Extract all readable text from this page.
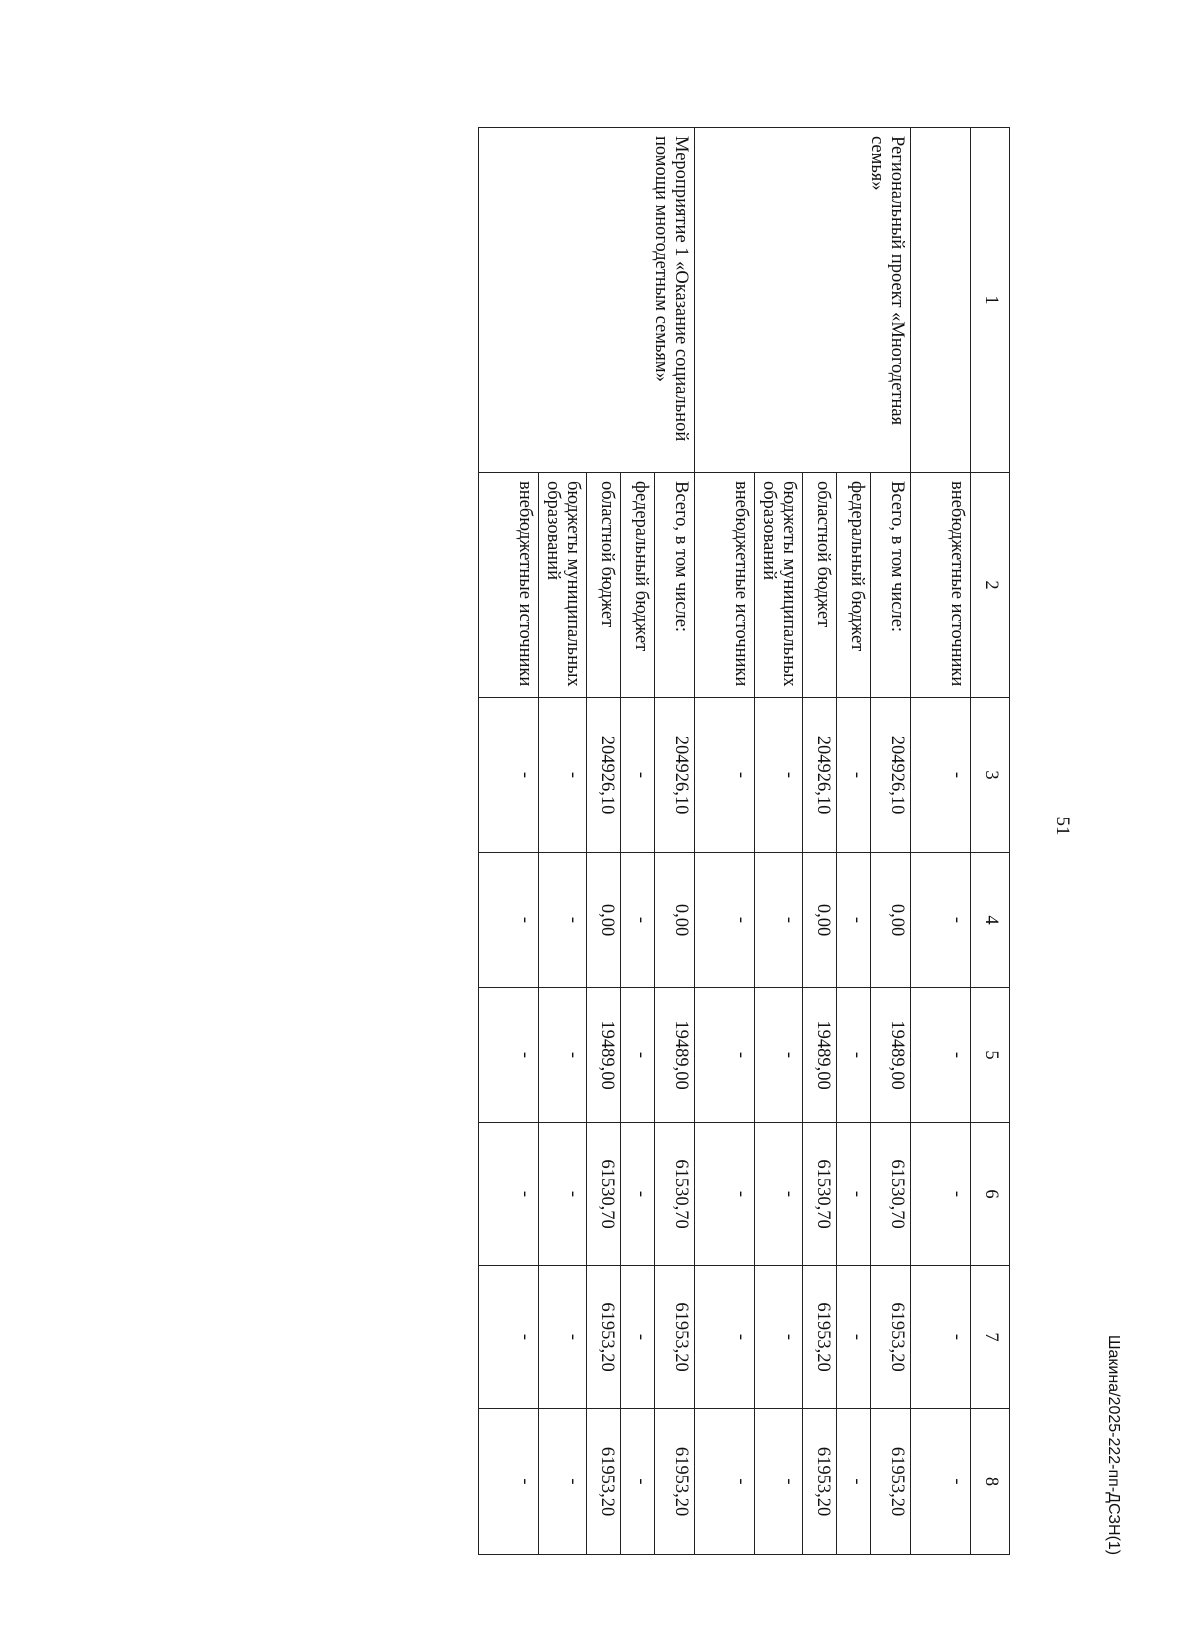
51
Шакина/2025-222-пп-ДСЗН(1)
1	2	3	4	5	6	7	8
	внебюджетные источники	-	-	-	-	-	-
Региональный проект «Многодетная семья»	Всего, в том числе:	204926,10	0,00	19489,00	61530,70	61953,20	61953,20
	федеральный бюджет	-	-	-	-	-	-
	областной бюджет	204926,10	0,00	19489,00	61530,70	61953,20	61953,20
	бюджеты муниципальных образований	-	-	-	-	-	-
	внебюджетные источники	-	-	-	-	-	-
Мероприятие 1 «Оказание социальной помощи многодетным семьям»	Всего, в том числе:	204926,10	0,00	19489,00	61530,70	61953,20	61953,20
	федеральный бюджет	-	-	-	-	-	-
	областной бюджет	204926,10	0,00	19489,00	61530,70	61953,20	61953,20
	бюджеты муниципальных образований	-	-	-	-	-	-
	внебюджетные источники	-	-	-	-	-	-
